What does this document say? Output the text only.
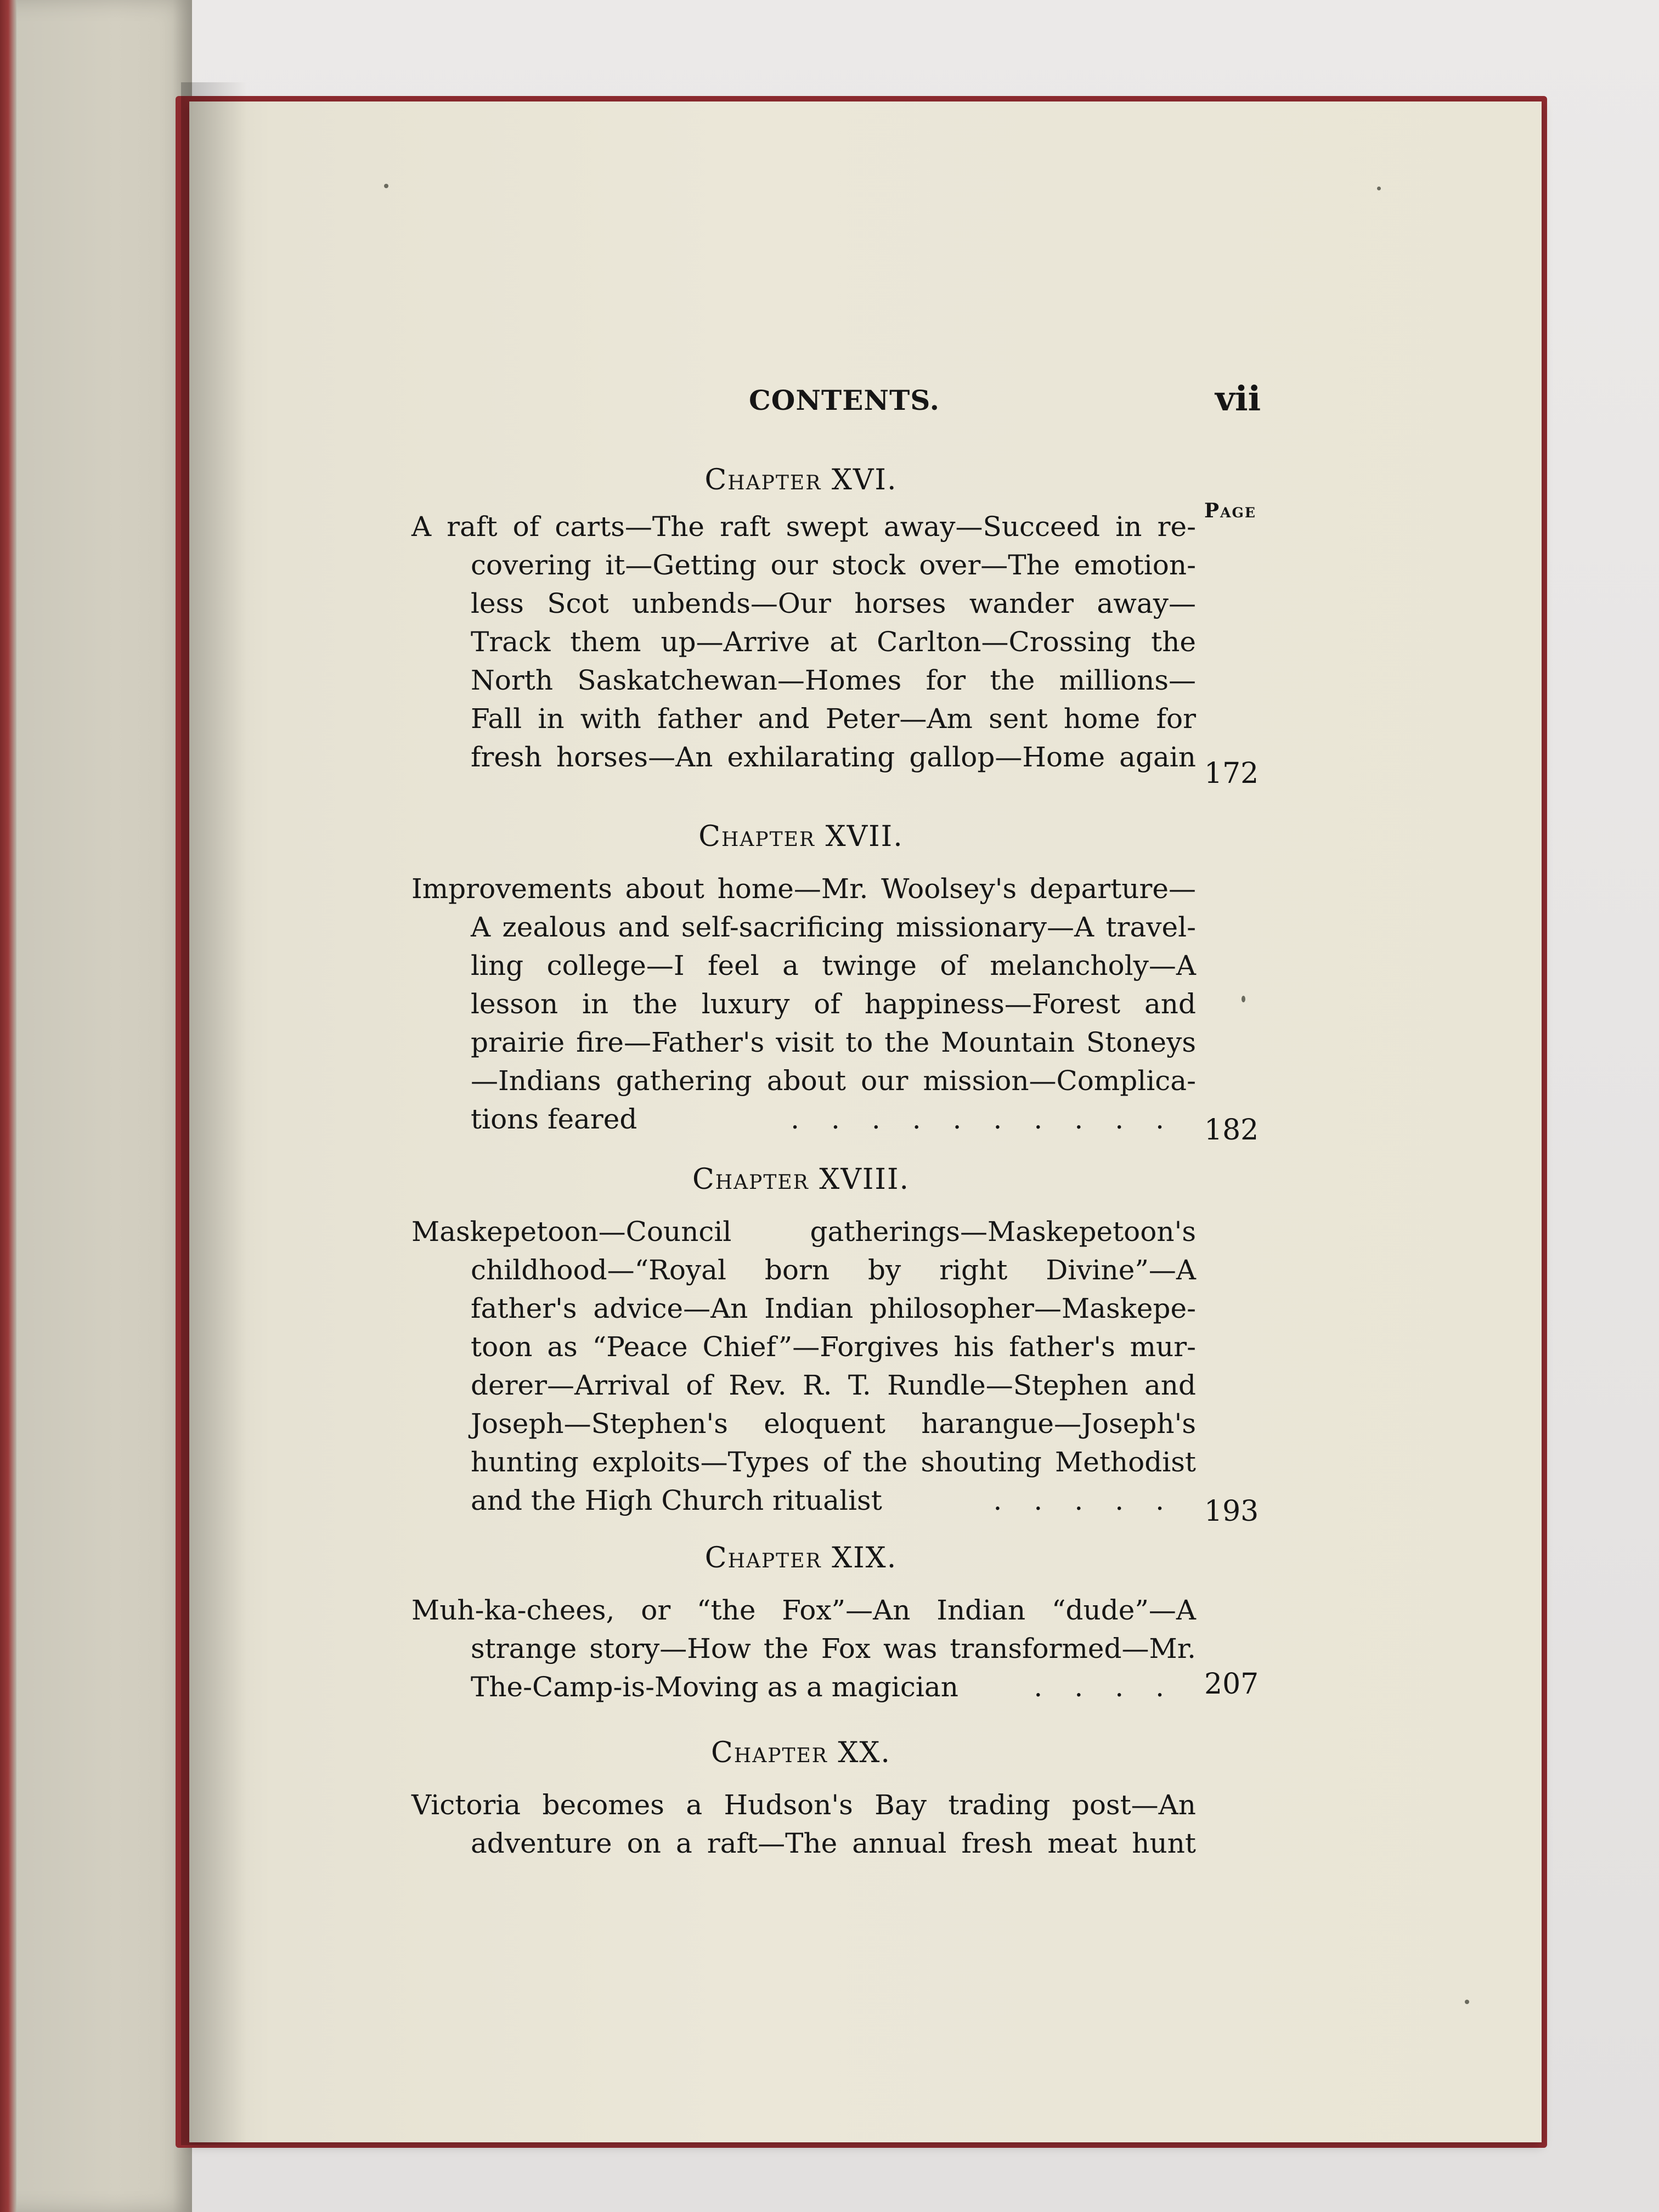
CONTENTS.	vii
Page
Chapter XVI.
A raft of carts—The raft swept away—Succeed in re-
covering it—Getting our stock over—The emotion-
less Scot unbends—Our horses wander away—
Track them up—Arrive at Carlton—Crossing the
North Saskatchewan—Homes for the millions—
Fall in with father and Peter—Am sent home for
fresh horses—An exhilarating gallop—Home again 172
Chapter XVII.
Improvements about home—Mr. Woolsey's departure—
A zealous and self-sacrificing missionary—A travel-
ling college—I feel a twinge of melancholy—A
lesson in the luxury of happiness—Forest and
prairie fire—Father's visit to the Mountain Stoneys
—Indians gathering about our mission—Complica-
tions feared	.......... 182
Chapter XVIII.
Maskepetoon—Council gatherings—Maskepetoon's
childhood—“Royal born by right Divine”—A
father's advice—An Indian philosopher—Maskepe-
toon as “Peace Chief”—Forgives his father's mur-
derer—Arrival of Rev. R. T. Rundle—Stephen and
Joseph—Stephen's eloquent harangue—Joseph's
hunting exploits—Types of the shouting Methodist
and the High Church ritualist	..... 193
Chapter XIX.
Muh-ka-chees, or “the Fox”—An Indian “dude”—A
strange story—How the Fox was transformed—Mr.
The-Camp-is-Moving as a magician	.... 207
Chapter XX.
Victoria becomes a Hudson's Bay trading post—An
adventure on a raft—The annual fresh meat hunt
